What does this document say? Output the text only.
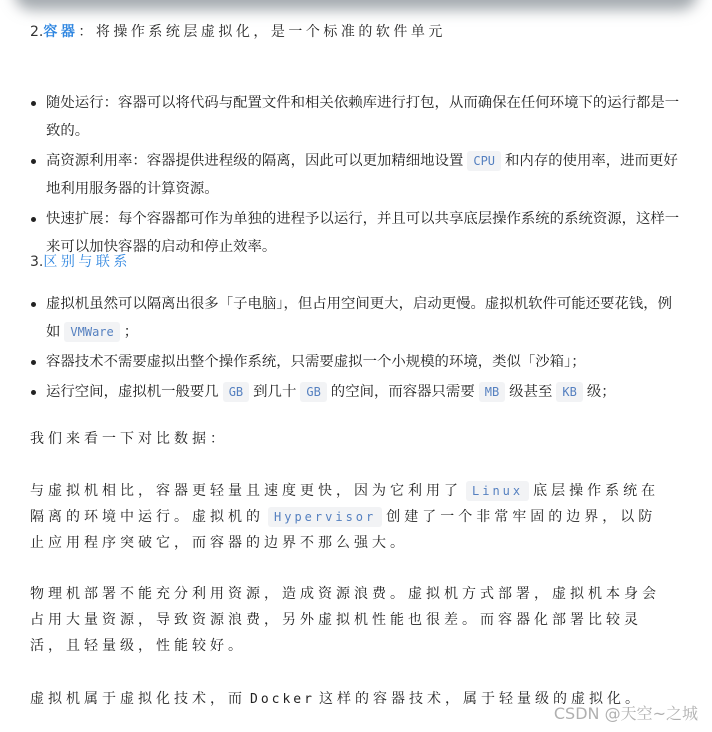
2.容器：将操作系统层虚拟化，是一个标准的软件单元
随处运行：容器可以将代码与配置文件和相关依赖库进行打包，从而确保在任何环境下的运行都是一致的。
高资源利用率：容器提供进程级的隔离，因此可以更加精细地设置 CPU 和内存的使用率，进而更好地利用服务器的计算资源。
快速扩展：每个容器都可作为单独的进程予以运行，并且可以共享底层操作系统的系统资源，这样一来可以加快容器的启动和停止效率。
3.区别与联系
虚拟机虽然可以隔离出很多「子电脑」，但占用空间更大，启动更慢。虚拟机软件可能还要花钱，例如 VMWare ；
容器技术不需要虚拟出整个操作系统，只需要虚拟一个小规模的环境，类似「沙箱」；
运行空间，虚拟机一般要几 GB 到几十 GB 的空间，而容器只需要 MB 级甚至 KB 级；
我们来看一下对比数据：
与虚拟机相比，容器更轻量且速度更快，因为它利用了 Linux 底层操作系统在隔离的环境中运行。虚拟机的 Hypervisor 创建了一个非常牢固的边界，以防止应用程序突破它，而容器的边界不那么强大。
物理机部署不能充分利用资源，造成资源浪费。虚拟机方式部署，虚拟机本身会占用大量资源，导致资源浪费，另外虚拟机性能也很差。而容器化部署比较灵活，且轻量级，性能较好。
虚拟机属于虚拟化技术，而 Docker 这样的容器技术，属于轻量级的虚拟化。
CSDN @天空~之城
